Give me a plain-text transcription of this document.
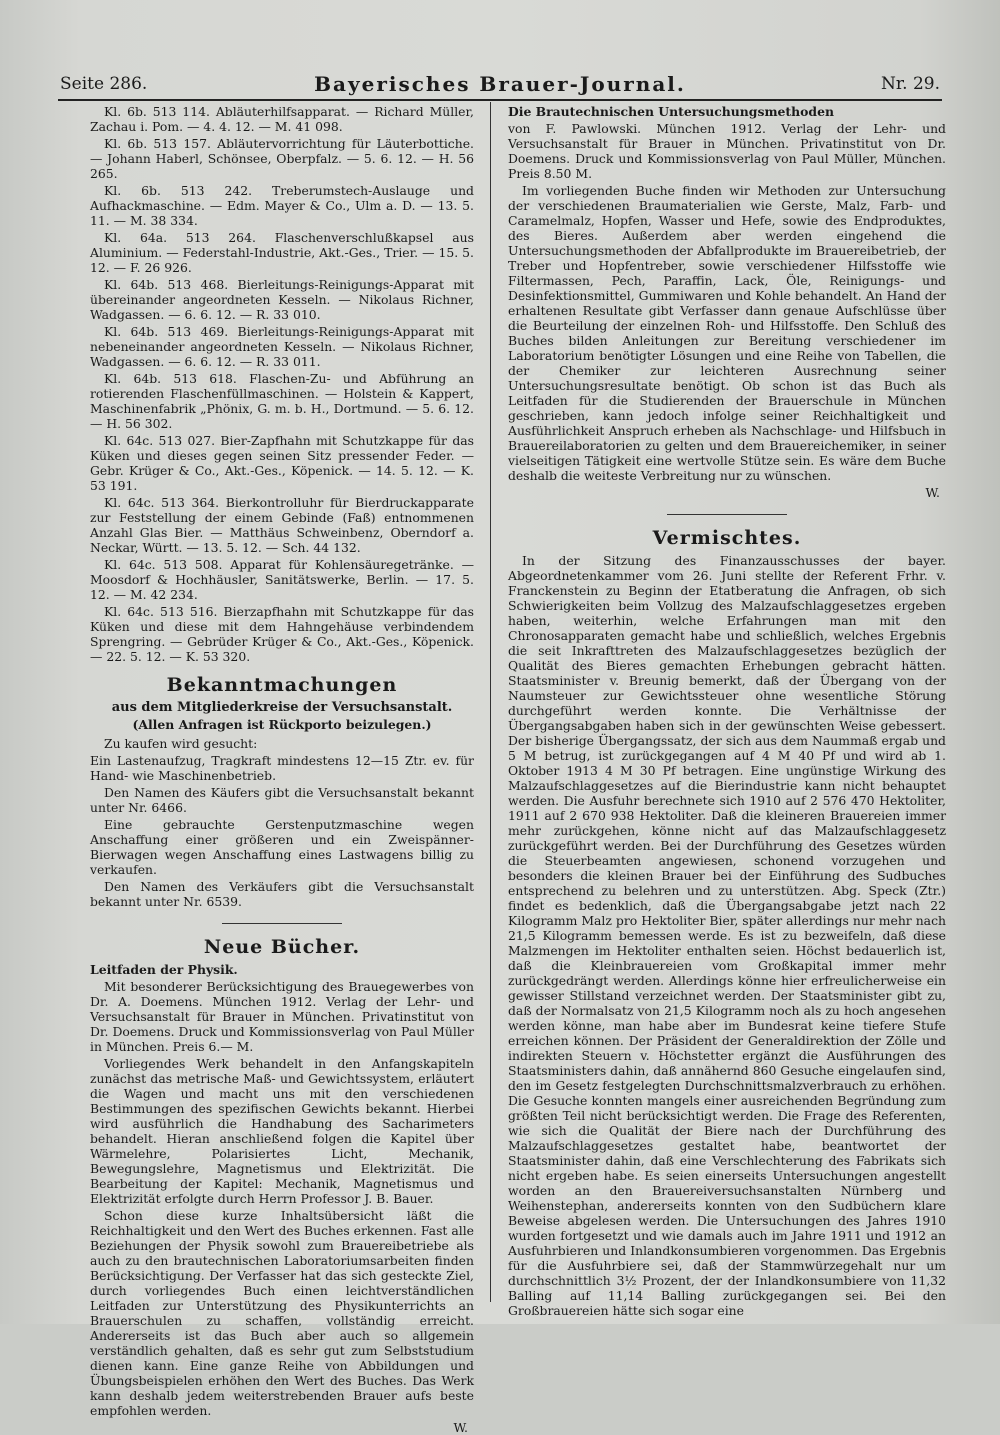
Seite 286.	Bayerisches Brauer-Journal.	Nr. 29.

Kl. 6b. 513 114. Abläuterhilfsapparat. — Richard Müller, Zachau i. Pom. — 4. 4. 12. — M. 41 098.

Kl. 6b. 513 157. Abläutervorrichtung für Läuterbottiche. — Johann Haberl, Schönsee, Oberpfalz. — 5. 6. 12. — H. 56 265.

Kl. 6b. 513 242. Treberumstech-Auslauge und Aufhackmaschine. — Edm. Mayer & Co., Ulm a. D. — 13. 5. 11. — M. 38 334.

Kl. 64a. 513 264. Flaschenverschlußkapsel aus Aluminium. — Federstahl-Industrie, Akt.-Ges., Trier. — 15. 5. 12. — F. 26 926.

Kl. 64b. 513 468. Bierleitungs-Reinigungs-Apparat mit übereinander angeordneten Kesseln. — Nikolaus Richner, Wadgassen. — 6. 6. 12. — R. 33 010.

Kl. 64b. 513 469. Bierleitungs-Reinigungs-Apparat mit nebeneinander angeordneten Kesseln. — Nikolaus Richner, Wadgassen. — 6. 6. 12. — R. 33 011.

Kl. 64b. 513 618. Flaschen-Zu- und Abführung an rotierenden Flaschenfüllmaschinen. — Holstein & Kappert, Maschinenfabrik „Phönix, G. m. b. H., Dortmund. — 5. 6. 12. — H. 56 302.

Kl. 64c. 513 027. Bier-Zapfhahn mit Schutzkappe für das Küken und dieses gegen seinen Sitz pressender Feder. — Gebr. Krüger & Co., Akt.-Ges., Köpenick. — 14. 5. 12. — K. 53 191.

Kl. 64c. 513 364. Bierkontrolluhr für Bierdruckapparate zur Feststellung der einem Gebinde (Faß) entnommenen Anzahl Glas Bier. — Matthäus Schweinbenz, Oberndorf a. Neckar, Württ. — 13. 5. 12. — Sch. 44 132.

Kl. 64c. 513 508. Apparat für Kohlensäuregetränke. — Moosdorf & Hochhäusler, Sanitätswerke, Berlin. — 17. 5. 12. — M. 42 234.

Kl. 64c. 513 516. Bierzapfhahn mit Schutzkappe für das Küken und diese mit dem Hahngehäuse verbindendem Sprengring. — Gebrüder Krüger & Co., Akt.-Ges., Köpenick. — 22. 5. 12. — K. 53 320.

Bekanntmachungen
aus dem Mitgliederkreise der Versuchsanstalt.
(Allen Anfragen ist Rückporto beizulegen.)

Zu kaufen wird gesucht:

Ein Lastenaufzug, Tragkraft mindestens 12—15 Ztr. ev. für Hand- wie Maschinenbetrieb.

Den Namen des Käufers gibt die Versuchsanstalt bekannt unter Nr. 6466.

Eine gebrauchte Gerstenputzmaschine wegen Anschaffung einer größeren und ein Zweispänner-Bierwagen wegen Anschaffung eines Lastwagens billig zu verkaufen.

Den Namen des Verkäufers gibt die Versuchsanstalt bekannt unter Nr. 6539.

Neue Bücher.

Leitfaden der Physik.

Mit besonderer Berücksichtigung des Brauegewerbes von Dr. A. Doemens. München 1912. Verlag der Lehr- und Versuchsanstalt für Brauer in München. Privatinstitut von Dr. Doemens. Druck und Kommissionsverlag von Paul Müller in München. Preis 6.— M.

Vorliegendes Werk behandelt in den Anfangskapiteln zunächst das metrische Maß- und Gewichtssystem, erläutert die Wagen und macht uns mit den verschiedenen Bestimmungen des spezifischen Gewichts bekannt. Hierbei wird ausführlich die Handhabung des Sacharimeters behandelt. Hieran anschließend folgen die Kapitel über Wärmelehre, Polarisiertes Licht, Mechanik, Bewegungslehre, Magnetismus und Elektrizität. Die Bearbeitung der Kapitel: Mechanik, Magnetismus und Elektrizität erfolgte durch Herrn Professor J. B. Bauer.

Schon diese kurze Inhaltsübersicht läßt die Reichhaltigkeit und den Wert des Buches erkennen. Fast alle Beziehungen der Physik sowohl zum Brauereibetriebe als auch zu den brautechnischen Laboratoriumsarbeiten finden Berücksichtigung. Der Verfasser hat das sich gesteckte Ziel, durch vorliegendes Buch einen leichtverständlichen Leitfaden zur Unterstützung des Physikunterrichts an Brauerschulen zu schaffen, vollständig erreicht. Andererseits ist das Buch aber auch so allgemein verständlich gehalten, daß es sehr gut zum Selbststudium dienen kann. Eine ganze Reihe von Abbildungen und Übungsbeispielen erhöhen den Wert des Buches. Das Werk kann deshalb jedem weiterstrebenden Brauer aufs beste empfohlen werden.

W.

Die Brautechnischen Untersuchungsmethoden

von F. Pawlowski. München 1912. Verlag der Lehr- und Versuchsanstalt für Brauer in München. Privatinstitut von Dr. Doemens. Druck und Kommissionsverlag von Paul Müller, München. Preis 8.50 M.

Im vorliegenden Buche finden wir Methoden zur Untersuchung der verschiedenen Braumaterialien wie Gerste, Malz, Farb- und Caramelmalz, Hopfen, Wasser und Hefe, sowie des Endproduktes, des Bieres. Außerdem aber werden eingehend die Untersuchungsmethoden der Abfallprodukte im Brauereibetrieb, der Treber und Hopfentreber, sowie verschiedener Hilfsstoffe wie Filtermassen, Pech, Paraffin, Lack, Öle, Reinigungs- und Desinfektionsmittel, Gummiwaren und Kohle behandelt. An Hand der erhaltenen Resultate gibt Verfasser dann genaue Aufschlüsse über die Beurteilung der einzelnen Roh- und Hilfsstoffe. Den Schluß des Buches bilden Anleitungen zur Bereitung verschiedener im Laboratorium benötigter Lösungen und eine Reihe von Tabellen, die der Chemiker zur leichteren Ausrechnung seiner Untersuchungsresultate benötigt. Ob schon ist das Buch als Leitfaden für die Studierenden der Brauerschule in München geschrieben, kann jedoch infolge seiner Reichhaltigkeit und Ausführlichkeit Anspruch erheben als Nachschlage- und Hilfsbuch in Brauereilaboratorien zu gelten und dem Brauereichemiker, in seiner vielseitigen Tätigkeit eine wertvolle Stütze sein. Es wäre dem Buche deshalb die weiteste Verbreitung nur zu wünschen.

W.
Vermischtes.

In der Sitzung des Finanzausschusses der bayer. Abgeordnetenkammer vom 26. Juni stellte der Referent Frhr. v. Franckenstein zu Beginn der Etatberatung die Anfragen, ob sich Schwierigkeiten beim Vollzug des Malzaufschlaggesetzes ergeben haben, weiterhin, welche Erfahrungen man mit den Chronosapparaten gemacht habe und schließlich, welches Ergebnis die seit Inkrafttreten des Malzaufschlaggesetzes bezüglich der Qualität des Bieres gemachten Erhebungen gebracht hätten. Staatsminister v. Breunig bemerkt, daß der Übergang von der Naumsteuer zur Gewichtssteuer ohne wesentliche Störung durchgeführt werden konnte. Die Verhältnisse der Übergangsabgaben haben sich in der gewünschten Weise gebessert. Der bisherige Übergangssatz, der sich aus dem Naummaß ergab und 5 M betrug, ist zurückgegangen auf 4 M 40 Pf und wird ab 1. Oktober 1913 4 M 30 Pf betragen. Eine ungünstige Wirkung des Malzaufschlaggesetzes auf die Bierindustrie kann nicht behauptet werden. Die Ausfuhr berechnete sich 1910 auf 2 576 470 Hektoliter, 1911 auf 2 670 938 Hektoliter. Daß die kleineren Brauereien immer mehr zurückgehen, könne nicht auf das Malzaufschlaggesetz zurückgeführt werden. Bei der Durchführung des Gesetzes würden die Steuerbeamten angewiesen, schonend vorzugehen und besonders die kleinen Brauer bei der Einführung des Sudbuches entsprechend zu belehren und zu unterstützen. Abg. Speck (Ztr.) findet es bedenklich, daß die Übergangsabgabe jetzt nach 22 Kilogramm Malz pro Hektoliter Bier, später allerdings nur mehr nach 21,5 Kilogramm bemessen werde. Es ist zu bezweifeln, daß diese Malzmengen im Hektoliter enthalten seien. Höchst bedauerlich ist, daß die Kleinbrauereien vom Großkapital immer mehr zurückgedrängt werden. Allerdings könne hier erfreulicherweise ein gewisser Stillstand verzeichnet werden. Der Staatsminister gibt zu, daß der Normalsatz von 21,5 Kilogramm noch als zu hoch angesehen werden könne, man habe aber im Bundesrat keine tiefere Stufe erreichen können. Der Präsident der Generaldirektion der Zölle und indirekten Steuern v. Höchstetter ergänzt die Ausführungen des Staatsministers dahin, daß annähernd 860 Gesuche eingelaufen sind, den im Gesetz festgelegten Durchschnittsmalzverbrauch zu erhöhen. Die Gesuche konnten mangels einer ausreichenden Begründung zum größten Teil nicht berücksichtigt werden. Die Frage des Referenten, wie sich die Qualität der Biere nach der Durchführung des Malzaufschlaggesetzes gestaltet habe, beantwortet der Staatsminister dahin, daß eine Verschlechterung des Fabrikats sich nicht ergeben habe. Es seien einerseits Untersuchungen angestellt worden an den Brauereiversuchsanstalten Nürnberg und Weihenstephan, andererseits konnten von den Sudbüchern klare Beweise abgelesen werden. Die Untersuchungen des Jahres 1910 wurden fortgesetzt und wie damals auch im Jahre 1911 und 1912 an Ausfuhrbieren und Inlandkonsumbieren vorgenommen. Das Ergebnis für die Ausfuhrbiere sei, daß der Stammwürzegehalt nur um durchschnittlich 3½ Prozent, der der Inlandkonsumbiere von 11,32 Balling auf 11,14 Balling zurückgegangen sei. Bei den Großbrauereien hätte sich sogar eine
